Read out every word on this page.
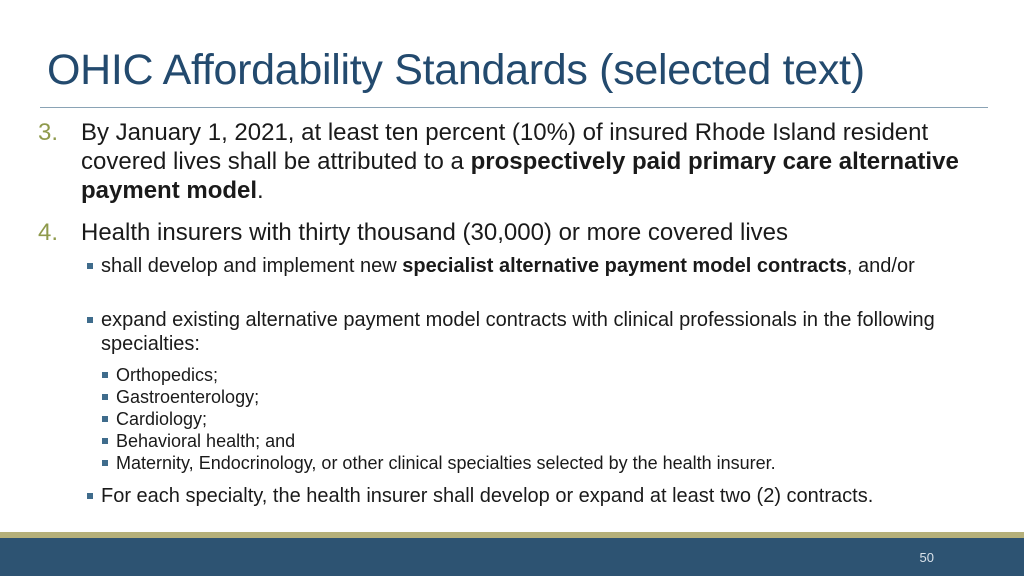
OHIC Affordability Standards (selected text)
3. By January 1, 2021, at least ten percent (10%) of insured Rhode Island resident covered lives shall be attributed to a prospectively paid primary care alternative payment model.
4. Health insurers with thirty thousand (30,000) or more covered lives
shall develop and implement new specialist alternative payment model contracts, and/or
expand existing alternative payment model contracts with clinical professionals in the following specialties:
Orthopedics;
Gastroenterology;
Cardiology;
Behavioral health; and
Maternity, Endocrinology, or other clinical specialties selected by the health insurer.
For each specialty, the health insurer shall develop or expand at least two (2) contracts.
50
